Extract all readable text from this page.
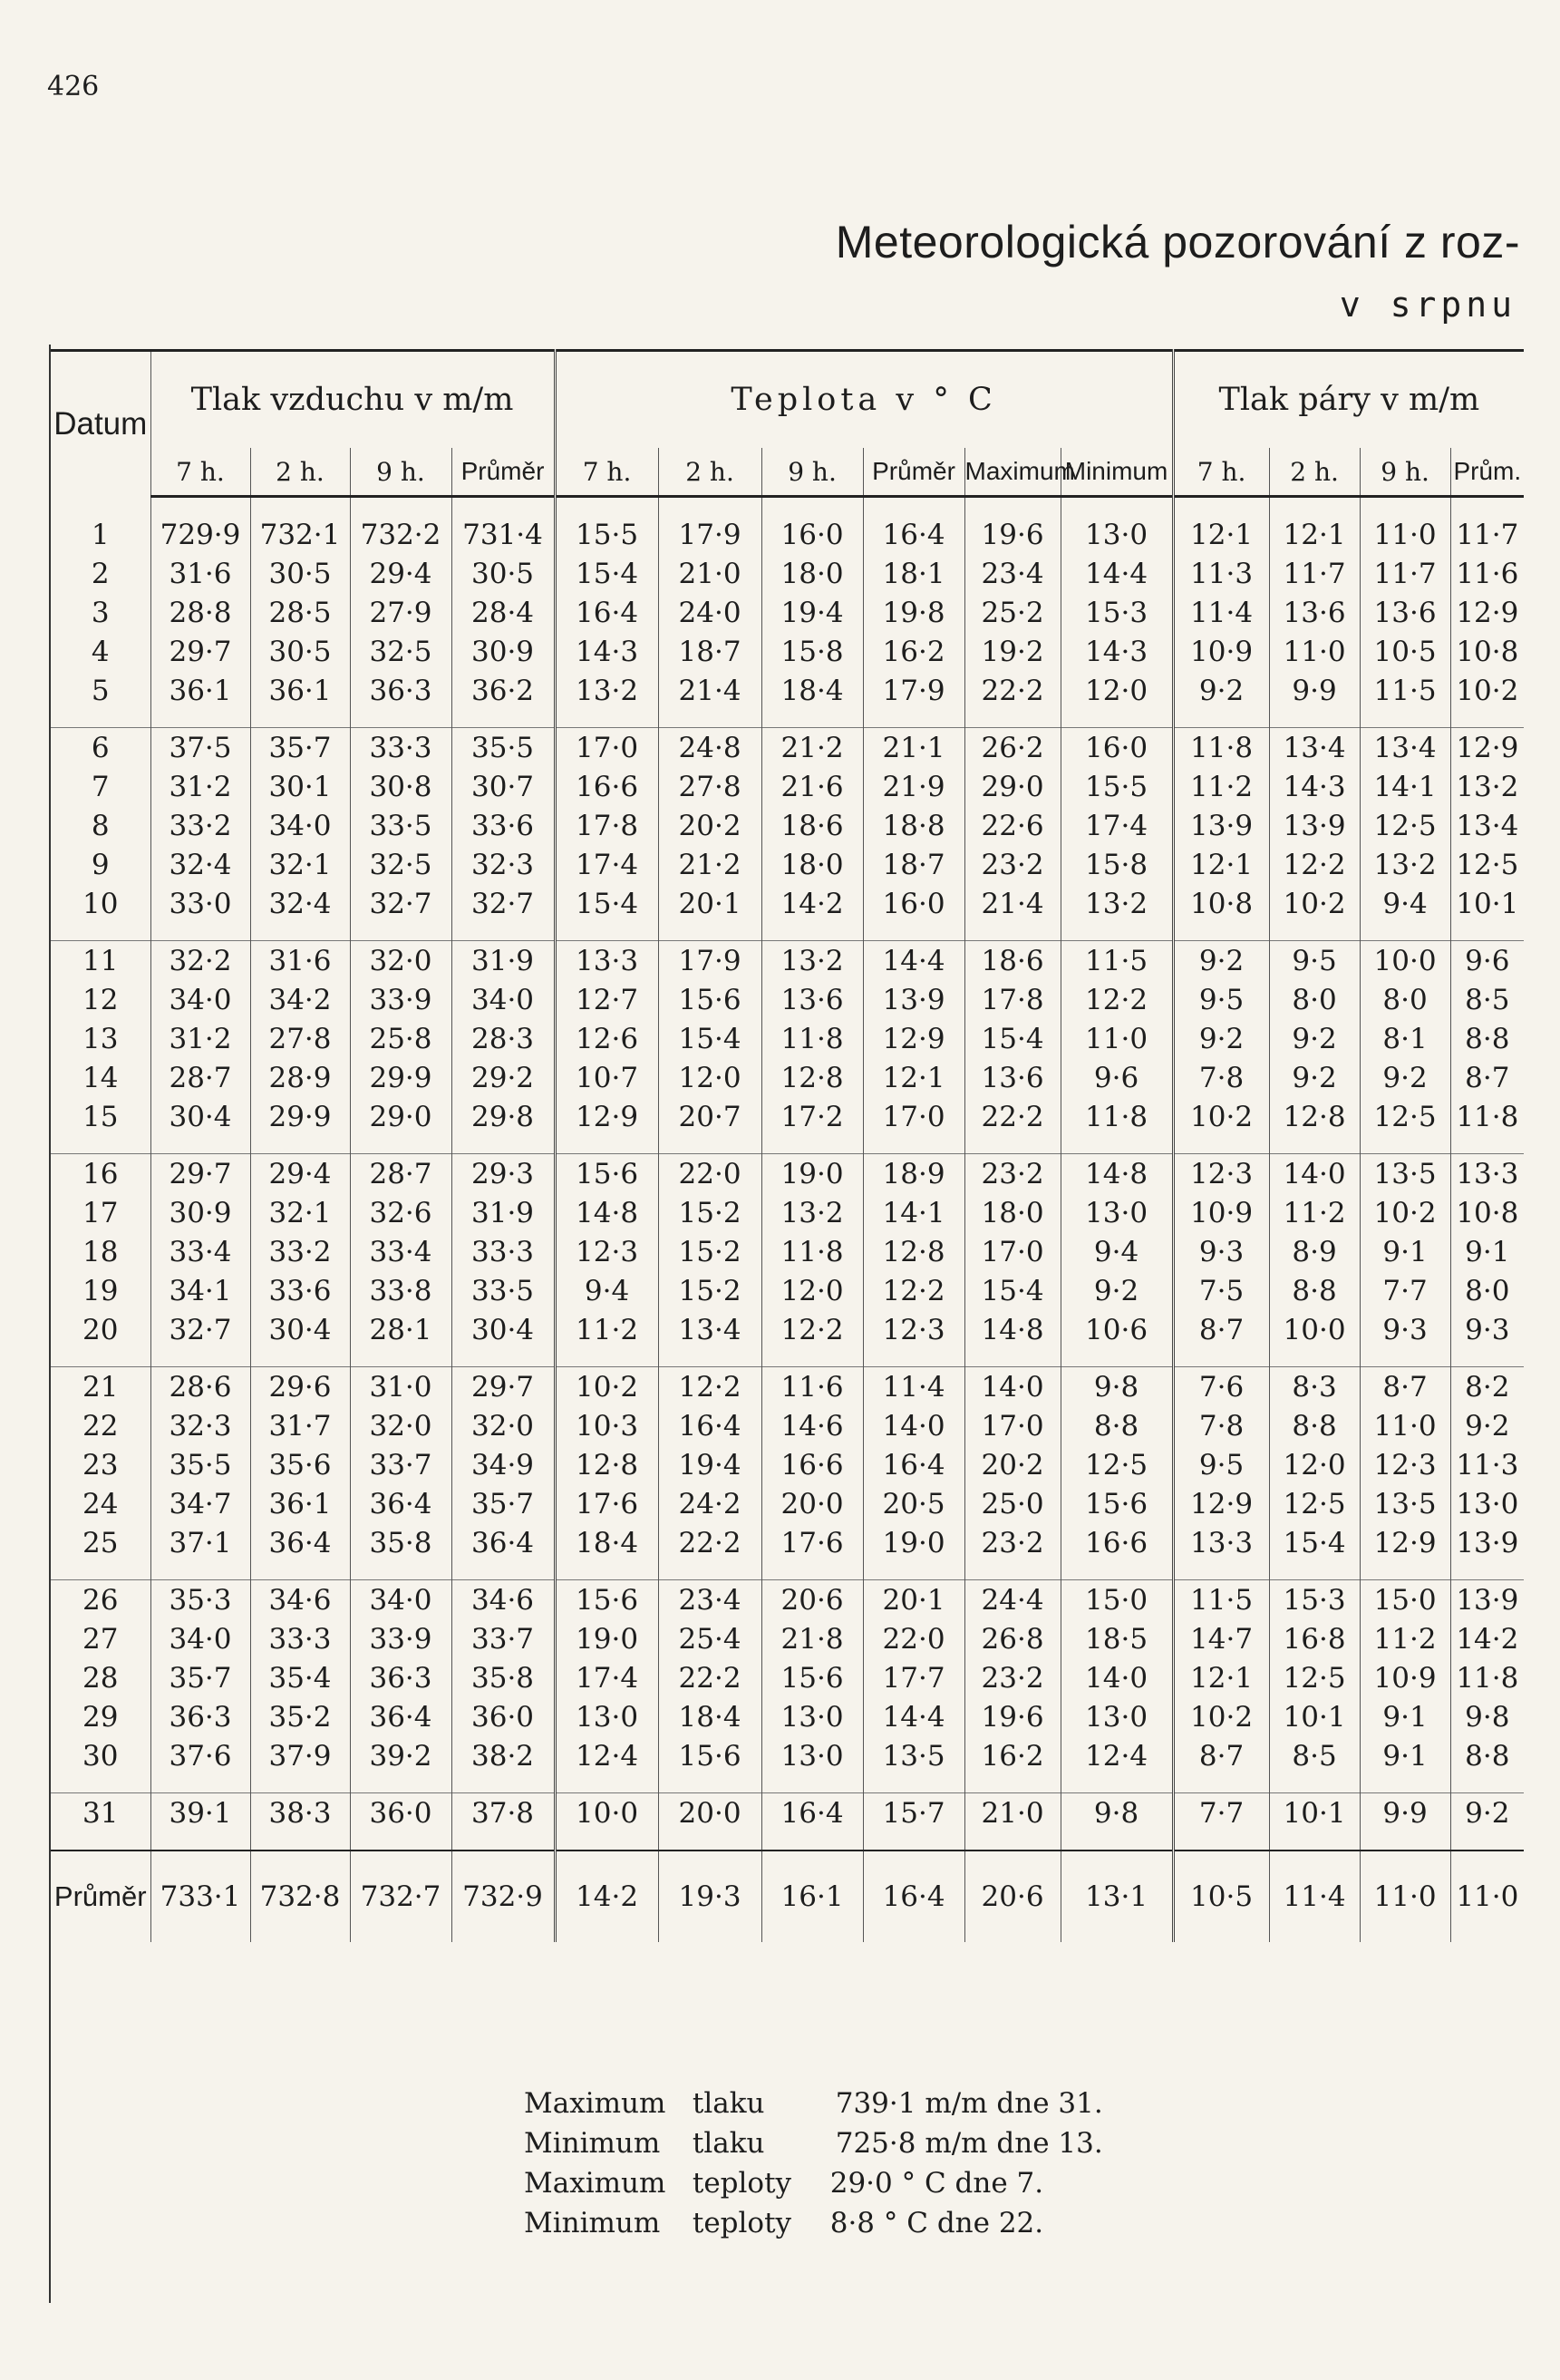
426
Meteorologická pozorování z roz-
v srpnu
Datum	Tlak vzduchu v m/m				Teplota v ° C						Tlak páry v m/m			
	7 h.	2 h.	9 h.	Průměr	7 h.	2 h.	9 h.	Průměr	Maximum	Minimum	7 h.	2 h.	9 h.	Prům.

1	729·9	732·1	732·2	731·4	15·5	17·9	16·0	16·4	19·6	13·0	12·1	12·1	11·0	11·7
2	31·6	30·5	29·4	30·5	15·4	21·0	18·0	18·1	23·4	14·4	11·3	11·7	11·7	11·6
3	28·8	28·5	27·9	28·4	16·4	24·0	19·4	19·8	25·2	15·3	11·4	13·6	13·6	12·9
4	29·7	30·5	32·5	30·9	14·3	18·7	15·8	16·2	19·2	14·3	10·9	11·0	10·5	10·8
5	36·1	36·1	36·3	36·2	13·2	21·4	18·4	17·9	22·2	12·0	9·2	9·9	11·5	10·2

6	37·5	35·7	33·3	35·5	17·0	24·8	21·2	21·1	26·2	16·0	11·8	13·4	13·4	12·9
7	31·2	30·1	30·8	30·7	16·6	27·8	21·6	21·9	29·0	15·5	11·2	14·3	14·1	13·2
8	33·2	34·0	33·5	33·6	17·8	20·2	18·6	18·8	22·6	17·4	13·9	13·9	12·5	13·4
9	32·4	32·1	32·5	32·3	17·4	21·2	18·0	18·7	23·2	15·8	12·1	12·2	13·2	12·5
10	33·0	32·4	32·7	32·7	15·4	20·1	14·2	16·0	21·4	13·2	10·8	10·2	9·4	10·1

11	32·2	31·6	32·0	31·9	13·3	17·9	13·2	14·4	18·6	11·5	9·2	9·5	10·0	9·6
12	34·0	34·2	33·9	34·0	12·7	15·6	13·6	13·9	17·8	12·2	9·5	8·0	8·0	8·5
13	31·2	27·8	25·8	28·3	12·6	15·4	11·8	12·9	15·4	11·0	9·2	9·2	8·1	8·8
14	28·7	28·9	29·9	29·2	10·7	12·0	12·8	12·1	13·6	9·6	7·8	9·2	9·2	8·7
15	30·4	29·9	29·0	29·8	12·9	20·7	17·2	17·0	22·2	11·8	10·2	12·8	12·5	11·8

16	29·7	29·4	28·7	29·3	15·6	22·0	19·0	18·9	23·2	14·8	12·3	14·0	13·5	13·3
17	30·9	32·1	32·6	31·9	14·8	15·2	13·2	14·1	18·0	13·0	10·9	11·2	10·2	10·8
18	33·4	33·2	33·4	33·3	12·3	15·2	11·8	12·8	17·0	9·4	9·3	8·9	9·1	9·1
19	34·1	33·6	33·8	33·5	9·4	15·2	12·0	12·2	15·4	9·2	7·5	8·8	7·7	8·0
20	32·7	30·4	28·1	30·4	11·2	13·4	12·2	12·3	14·8	10·6	8·7	10·0	9·3	9·3

21	28·6	29·6	31·0	29·7	10·2	12·2	11·6	11·4	14·0	9·8	7·6	8·3	8·7	8·2
22	32·3	31·7	32·0	32·0	10·3	16·4	14·6	14·0	17·0	8·8	7·8	8·8	11·0	9·2
23	35·5	35·6	33·7	34·9	12·8	19·4	16·6	16·4	20·2	12·5	9·5	12·0	12·3	11·3
24	34·7	36·1	36·4	35·7	17·6	24·2	20·0	20·5	25·0	15·6	12·9	12·5	13·5	13·0
25	37·1	36·4	35·8	36·4	18·4	22·2	17·6	19·0	23·2	16·6	13·3	15·4	12·9	13·9

26	35·3	34·6	34·0	34·6	15·6	23·4	20·6	20·1	24·4	15·0	11·5	15·3	15·0	13·9
27	34·0	33·3	33·9	33·7	19·0	25·4	21·8	22·0	26·8	18·5	14·7	16·8	11·2	14·2
28	35·7	35·4	36·3	35·8	17·4	22·2	15·6	17·7	23·2	14·0	12·1	12·5	10·9	11·8
29	36·3	35·2	36·4	36·0	13·0	18·4	13·0	14·4	19·6	13·0	10·2	10·1	9·1	9·8
30	37·6	37·9	39·2	38·2	12·4	15·6	13·0	13·5	16·2	12·4	8·7	8·5	9·1	8·8

31	39·1	38·3	36·0	37·8	10·0	20·0	16·4	15·7	21·0	9·8	7·7	10·1	9·9	9·2

Průměr	733·1	732·8	732·7	732·9	14·2	19·3	16·1	16·4	20·6	13·1	10·5	11·4	11·0	11·0
Maximum tlaku	739·1 m/m dne 31.
Minimum tlaku	725·8 m/m dne 13.
Maximum teploty 29·0 ° C dne 7.
Minimum teploty 8·8 ° C dne 22.
